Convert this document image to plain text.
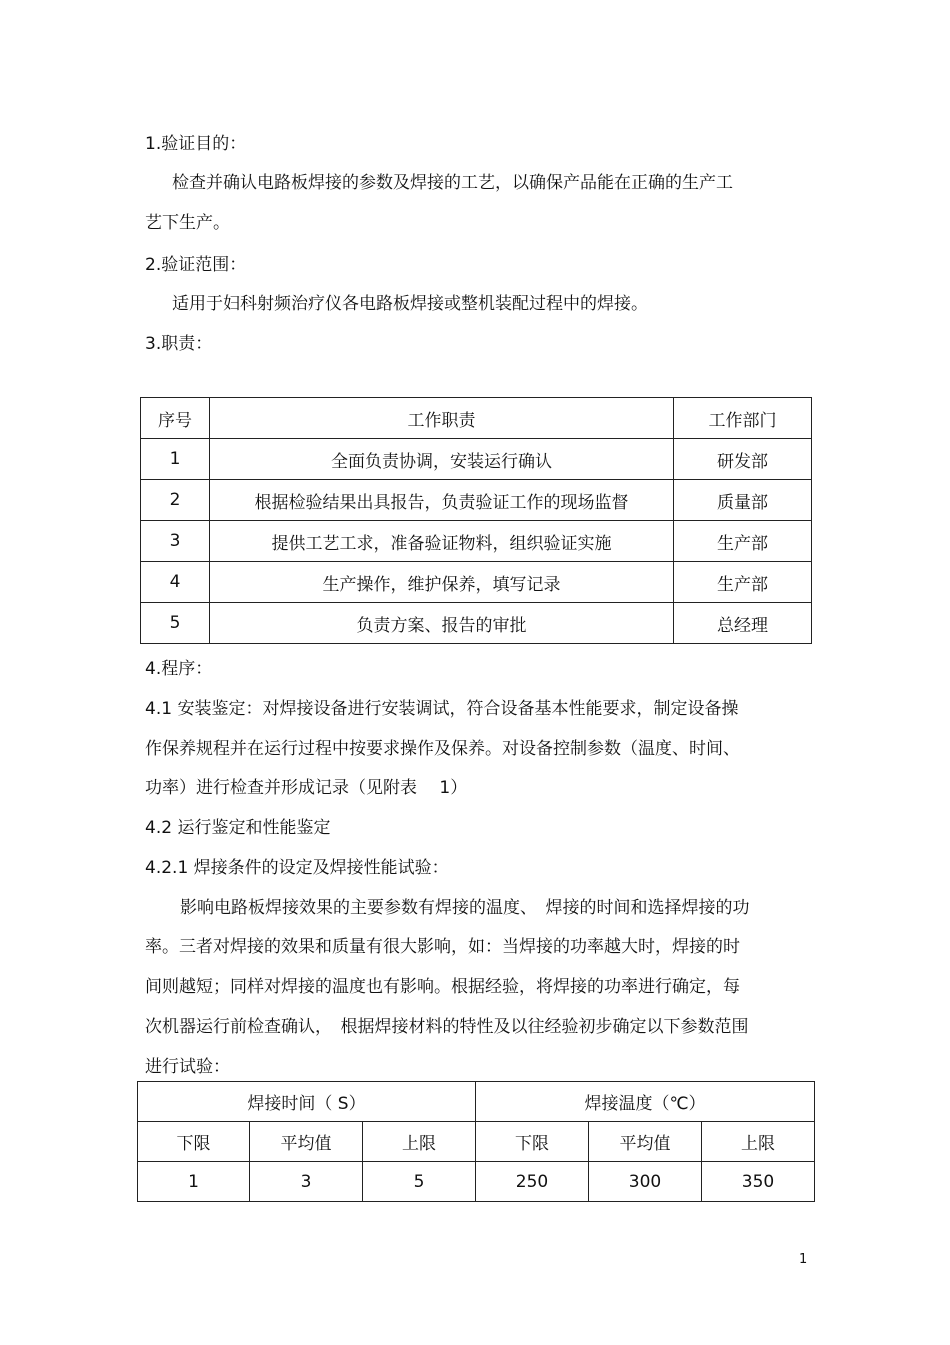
1.验证目的：
检查并确认电路板焊接的参数及焊接的工艺，以确保产品能在正确的生产工
艺下生产。
2.验证范围：
适用于妇科射频治疗仪各电路板焊接或整机装配过程中的焊接。
3.职责：
序号	工作职责	工作部门
1	全面负责协调，安装运行确认	研发部
2	根据检验结果出具报告，负责验证工作的现场监督	质量部
3	提供工艺工求，准备验证物料，组织验证实施	生产部
4	生产操作，维护保养，填写记录	生产部
5	负责方案、报告的审批	总经理
4.程序：
4.1 安装鉴定：对焊接设备进行安装调试，符合设备基本性能要求，制定设备操
作保养规程并在运行过程中按要求操作及保养。对设备控制参数（温度、时间、
功率）进行检查并形成记录（见附表　 1）
4.2 运行鉴定和性能鉴定
4.2.1 焊接条件的设定及焊接性能试验：
影响电路板焊接效果的主要参数有焊接的温度、　焊接的时间和选择焊接的功
率。三者对焊接的效果和质量有很大影响，如：当焊接的功率越大时，焊接的时
间则越短；同样对焊接的温度也有影响。根据经验，将焊接的功率进行确定，每
次机器运行前检查确认，　根据焊接材料的特性及以往经验初步确定以下参数范围
进行试验：
焊接时间（ S）			焊接温度（℃）		
下限	平均值	上限	下限	平均值	上限
1	3	5	250	300	350
1
